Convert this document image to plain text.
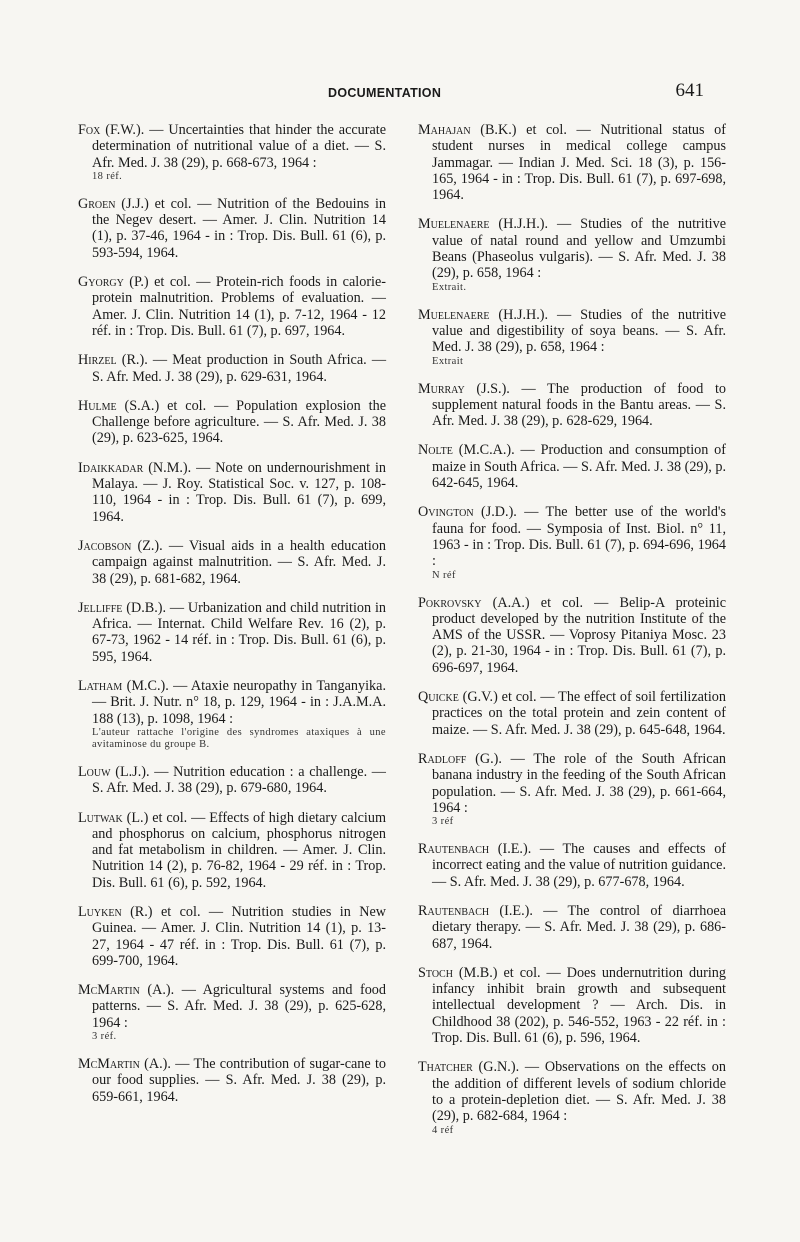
DOCUMENTATION	641

Fox (F.W.). — Uncertainties that hinder the accurate determination of nutritional value of a diet. — S. Afr. Med. J. 38 (29), p. 668-673, 1964 :
18 réf.

Groen (J.J.) et col. — Nutrition of the Bedouins in the Negev desert. — Amer. J. Clin. Nutrition 14 (1), p. 37-46, 1964 - in : Trop. Dis. Bull. 61 (6), p. 593-594, 1964.

Gyorgy (P.) et col. — Protein-rich foods in calorie-protein malnutrition. Problems of evaluation. — Amer. J. Clin. Nutrition 14 (1), p. 7-12, 1964 - 12 réf. in : Trop. Dis. Bull. 61 (7), p. 697, 1964.

Hirzel (R.). — Meat production in South Africa. — S. Afr. Med. J. 38 (29), p. 629-631, 1964.

Hulme (S.A.) et col. — Population explosion the Challenge before agriculture. — S. Afr. Med. J. 38 (29), p. 623-625, 1964.

Idaikkadar (N.M.). — Note on undernourishment in Malaya. — J. Roy. Statistical Soc. v. 127, p. 108-110, 1964 - in : Trop. Dis. Bull. 61 (7), p. 699, 1964.

Jacobson (Z.). — Visual aids in a health education campaign against malnutrition. — S. Afr. Med. J. 38 (29), p. 681-682, 1964.

Jelliffe (D.B.). — Urbanization and child nutrition in Africa. — Internat. Child Welfare Rev. 16 (2), p. 67-73, 1962 - 14 réf. in : Trop. Dis. Bull. 61 (6), p. 595, 1964.

Latham (M.C.). — Ataxie neuropathy in Tanganyika. — Brit. J. Nutr. n° 18, p. 129, 1964 - in : J.A.M.A. 188 (13), p. 1098, 1964 :
L'auteur rattache l'origine des syndromes ataxiques à une avitaminose du groupe B.

Louw (L.J.). — Nutrition education : a challenge. — S. Afr. Med. J. 38 (29), p. 679-680, 1964.

Lutwak (L.) et col. — Effects of high dietary calcium and phosphorus on calcium, phosphorus nitrogen and fat metabolism in children. — Amer. J. Clin. Nutrition 14 (2), p. 76-82, 1964 - 29 réf. in : Trop. Dis. Bull. 61 (6), p. 592, 1964.

Luyken (R.) et col. — Nutrition studies in New Guinea. — Amer. J. Clin. Nutrition 14 (1), p. 13-27, 1964 - 47 réf. in : Trop. Dis. Bull. 61 (7), p. 699-700, 1964.

McMartin (A.). — Agricultural systems and food patterns. — S. Afr. Med. J. 38 (29), p. 625-628, 1964 :
3 réf.

McMartin (A.). — The contribution of sugar-cane to our food supplies. — S. Afr. Med. J. 38 (29), p. 659-661, 1964.

Mahajan (B.K.) et col. — Nutritional status of student nurses in medical college campus Jammagar. — Indian J. Med. Sci. 18 (3), p. 156-165, 1964 - in : Trop. Dis. Bull. 61 (7), p. 697-698, 1964.

Muelenaere (H.J.H.). — Studies of the nutritive value of natal round and yellow and Umzumbi Beans (Phaseolus vulgaris). — S. Afr. Med. J. 38 (29), p. 658, 1964 :
Extrait.

Muelenaere (H.J.H.). — Studies of the nutritive value and digestibility of soya beans. — S. Afr. Med. J. 38 (29), p. 658, 1964 :
Extrait

Murray (J.S.). — The production of food to supplement natural foods in the Bantu areas. — S. Afr. Med. J. 38 (29), p. 628-629, 1964.

Nolte (M.C.A.). — Production and consumption of maize in South Africa. — S. Afr. Med. J. 38 (29), p. 642-645, 1964.

Ovington (J.D.). — The better use of the world's fauna for food. — Symposia of Inst. Biol. n° 11, 1963 - in : Trop. Dis. Bull. 61 (7), p. 694-696, 1964 :
N réf

Pokrovsky (A.A.) et col. — Belip-A proteinic product developed by the nutrition Institute of the AMS of the USSR. — Voprosy Pitaniya Mosc. 23 (2), p. 21-30, 1964 - in : Trop. Dis. Bull. 61 (7), p. 696-697, 1964.

Quicke (G.V.) et col. — The effect of soil fertilization practices on the total protein and zein content of maize. — S. Afr. Med. J. 38 (29), p. 645-648, 1964.

Radloff (G.). — The role of the South African banana industry in the feeding of the South African population. — S. Afr. Med. J. 38 (29), p. 661-664, 1964 :
3 réf

Rautenbach (I.E.). — The causes and effects of incorrect eating and the value of nutrition guidance. — S. Afr. Med. J. 38 (29), p. 677-678, 1964.

Rautenbach (I.E.). — The control of diarrhoea dietary therapy. — S. Afr. Med. J. 38 (29), p. 686-687, 1964.

Stoch (M.B.) et col. — Does undernutrition during infancy inhibit brain growth and subsequent intellectual development ? — Arch. Dis. in Childhood 38 (202), p. 546-552, 1963 - 22 réf. in : Trop. Dis. Bull. 61 (6), p. 596, 1964.

Thatcher (G.N.). — Observations on the effects on the addition of different levels of sodium chloride to a protein-depletion diet. — S. Afr. Med. J. 38 (29), p. 682-684, 1964 :
4 réf
